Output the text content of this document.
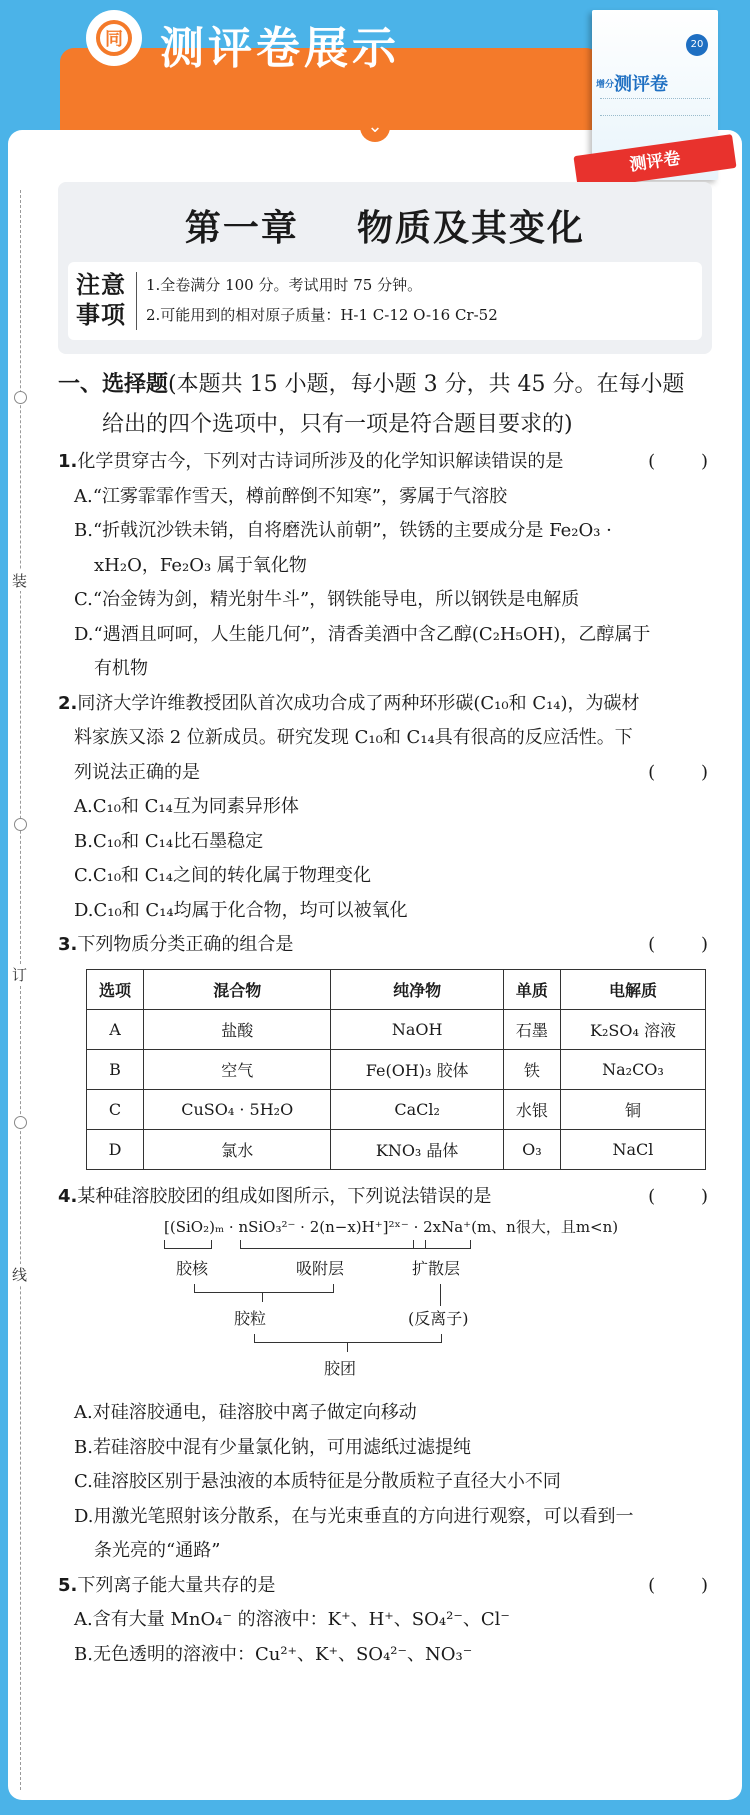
同 测评卷展示
⌄
20
增分测评卷
测评卷
装
订
线
第一章    物质及其变化
注意事项
1.全卷满分 100 分。考试用时 75 分钟。
2.可能用到的相对原子质量：H-1 C-12 O-16 Cr-52
一、选择题(本题共 15 小题，每小题 3 分，共 45 分。在每小题
给出的四个选项中，只有一项是符合题目要求的)
1.化学贯穿古今，下列对古诗词所涉及的化学知识解读错误的是	(        )
A.“江雾霏霏作雪天，樽前醉倒不知寒”，雾属于气溶胶
B.“折戟沉沙铁未销，自将磨洗认前朝”，铁锈的主要成分是 Fe₂O₃ ·
xH₂O，Fe₂O₃ 属于氧化物
C.“冶金铸为剑，精光射牛斗”，钢铁能导电，所以钢铁是电解质
D.“遇酒且呵呵，人生能几何”，清香美酒中含乙醇(C₂H₅OH)，乙醇属于
有机物
2.同济大学许维教授团队首次成功合成了两种环形碳(C₁₀和 C₁₄)，为碳材
料家族又添 2 位新成员。研究发现 C₁₀和 C₁₄具有很高的反应活性。下
列说法正确的是	(        )
A.C₁₀和 C₁₄互为同素异形体
B.C₁₀和 C₁₄比石墨稳定
C.C₁₀和 C₁₄之间的转化属于物理变化
D.C₁₀和 C₁₄均属于化合物，均可以被氧化
3.下列物质分类正确的组合是	(        )
选项	混合物	纯净物	单质	电解质
A	盐酸	NaOH	石墨	K₂SO₄ 溶液
B	空气	Fe(OH)₃ 胶体	铁	Na₂CO₃
C	CuSO₄ · 5H₂O	CaCl₂	水银	铜
D	氯水	KNO₃ 晶体	O₃	NaCl
4.某种硅溶胶胶团的组成如图所示，下列说法错误的是	(        )
[(SiO₂)ₘ · nSiO₃²⁻ · 2(n−x)H⁺]²ˣ⁻ · 2xNa⁺(m、n很大，且m<n)
胶核	吸附层	扩散层
胶粒	(反离子)
胶团
A.对硅溶胶通电，硅溶胶中离子做定向移动
B.若硅溶胶中混有少量氯化钠，可用滤纸过滤提纯
C.硅溶胶区别于悬浊液的本质特征是分散质粒子直径大小不同
D.用激光笔照射该分散系，在与光束垂直的方向进行观察，可以看到一
条光亮的“通路”
5.下列离子能大量共存的是	(        )
A.含有大量 MnO₄⁻ 的溶液中：K⁺、H⁺、SO₄²⁻、Cl⁻
B.无色透明的溶液中：Cu²⁺、K⁺、SO₄²⁻、NO₃⁻
